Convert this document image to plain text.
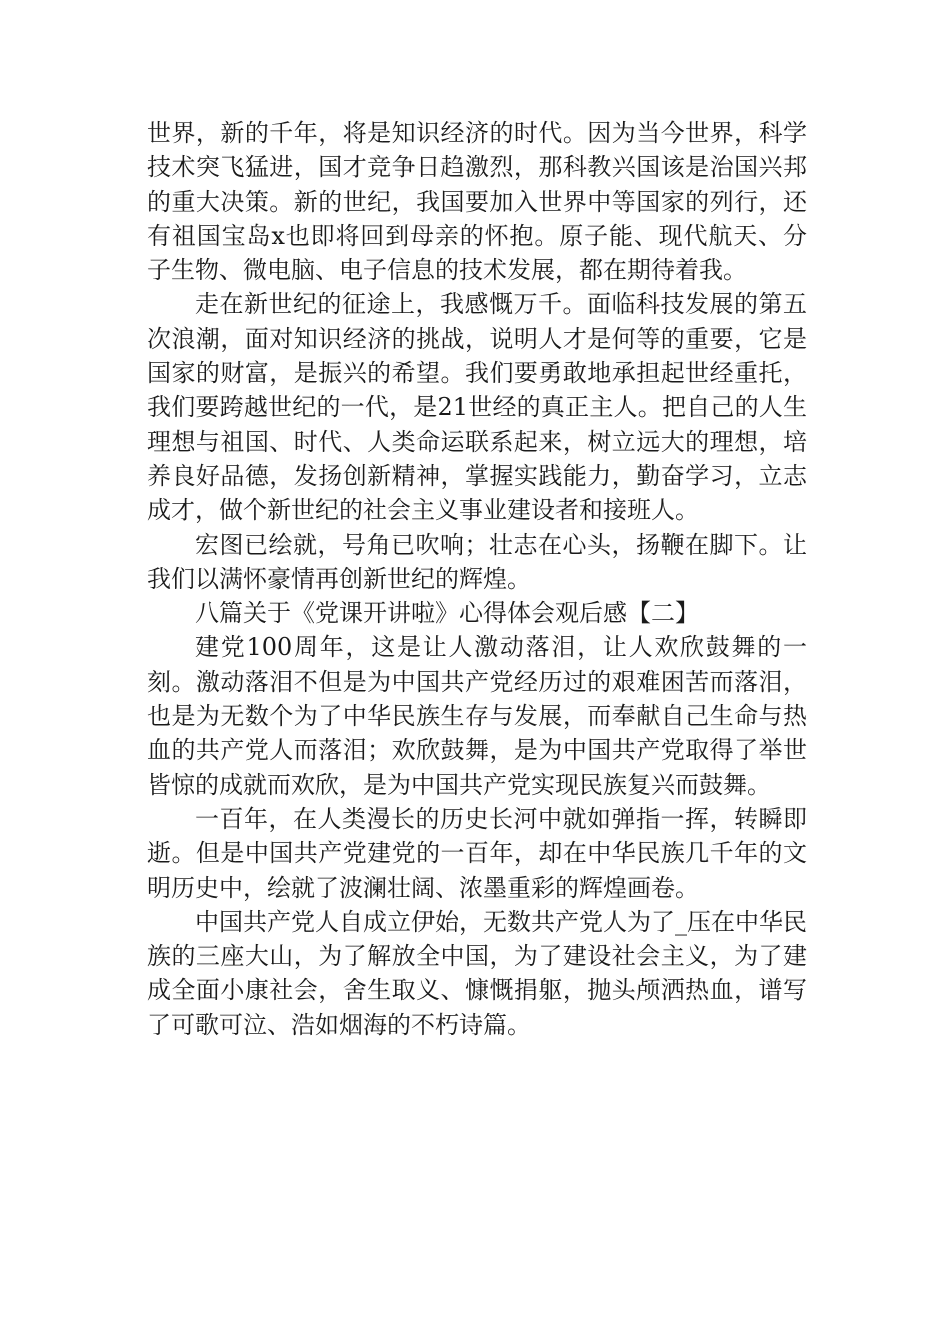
世界，新的千年，将是知识经济的时代。因为当今世界，科学技术突飞猛进，国才竞争日趋激烈，那科教兴国该是治国兴邦的重大决策。新的世纪，我国要加入世界中等国家的列行，还有祖国宝岛x也即将回到母亲的怀抱。原子能、现代航天、分子生物、微电脑、电子信息的技术发展，都在期待着我。

走在新世纪的征途上，我感慨万千。面临科技发展的第五次浪潮，面对知识经济的挑战，说明人才是何等的重要，它是国家的财富，是振兴的希望。我们要勇敢地承担起世经重托，我们要跨越世纪的一代，是21世经的真正主人。把自己的人生理想与祖国、时代、人类命运联系起来，树立远大的理想，培养良好品德，发扬创新精神，掌握实践能力，勤奋学习，立志成才，做个新世纪的社会主义事业建设者和接班人。

宏图已绘就，号角已吹响；壮志在心头，扬鞭在脚下。让我们以满怀豪情再创新世纪的辉煌。

八篇关于《党课开讲啦》心得体会观后感【二】

建党100周年，这是让人激动落泪，让人欢欣鼓舞的一刻。激动落泪不但是为中国共产党经历过的艰难困苦而落泪，也是为无数个为了中华民族生存与发展，而奉献自己生命与热血的共产党人而落泪；欢欣鼓舞，是为中国共产党取得了举世皆惊的成就而欢欣，是为中国共产党实现民族复兴而鼓舞。

一百年，在人类漫长的历史长河中就如弹指一挥，转瞬即逝。但是中国共产党建党的一百年，却在中华民族几千年的文明历史中，绘就了波澜壮阔、浓墨重彩的辉煌画卷。

中国共产党人自成立伊始，无数共产党人为了_压在中华民族的三座大山，为了解放全中国，为了建设社会主义，为了建成全面小康社会，舍生取义、慷慨捐躯，抛头颅洒热血，谱写了可歌可泣、浩如烟海的不朽诗篇。
